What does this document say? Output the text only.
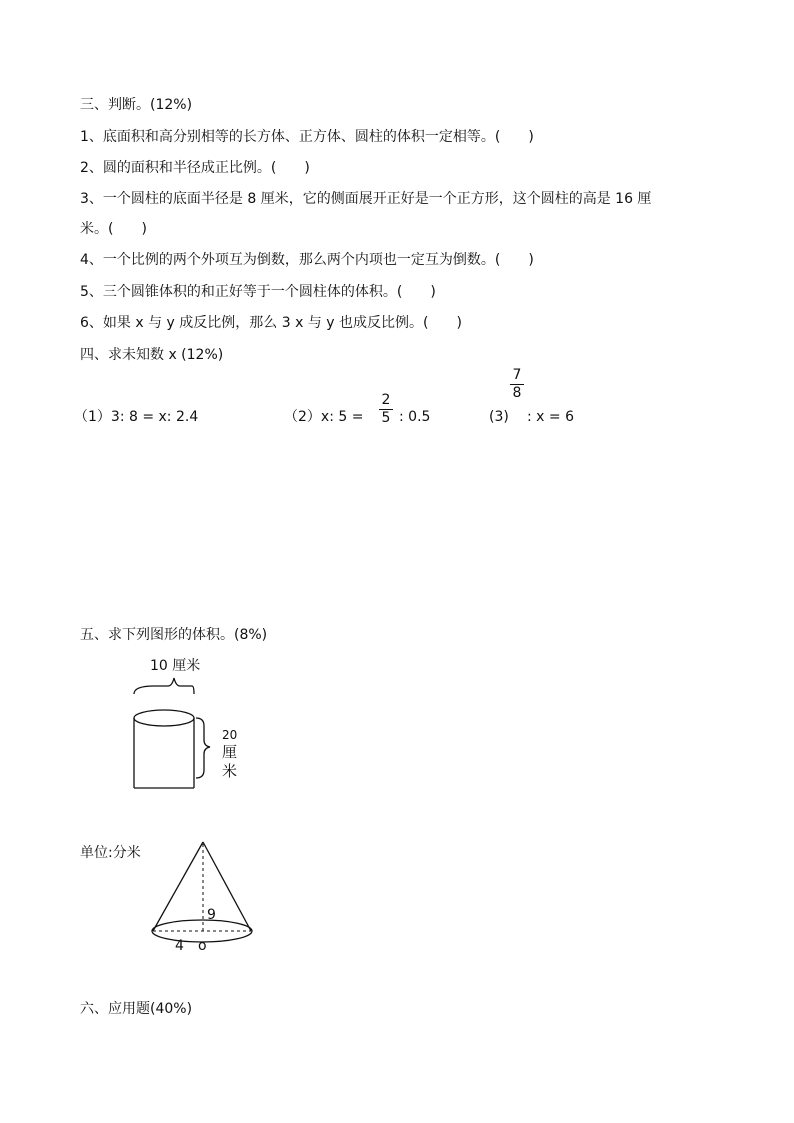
三、判断。(12%)
1、底面积和高分别相等的长方体、正方体、圆柱的体积一定相等。(　　)
2、圆的面积和半径成正比例。(　　)
3、一个圆柱的底面半径是 8 厘米，它的侧面展开正好是一个正方形，这个圆柱的高是 16 厘
米。(　　)
4、一个比例的两个外项互为倒数，那么两个内项也一定互为倒数。(　　)
5、三个圆锥体积的和正好等于一个圆柱体的体积。(　　)
6、如果 x 与 y 成反比例，那么 3 x 与 y 也成反比例。(　　)
四、求未知数 x (12%)
（1）3: 8 = x: 2.4	（2）x: 5 =
2
5 : 0.5	(3)
7
8
: x = 6
五、求下列图形的体积。(8%)
10 厘米
20
厘
米
单位:分米
9
4 o
六、应用题(40%)
